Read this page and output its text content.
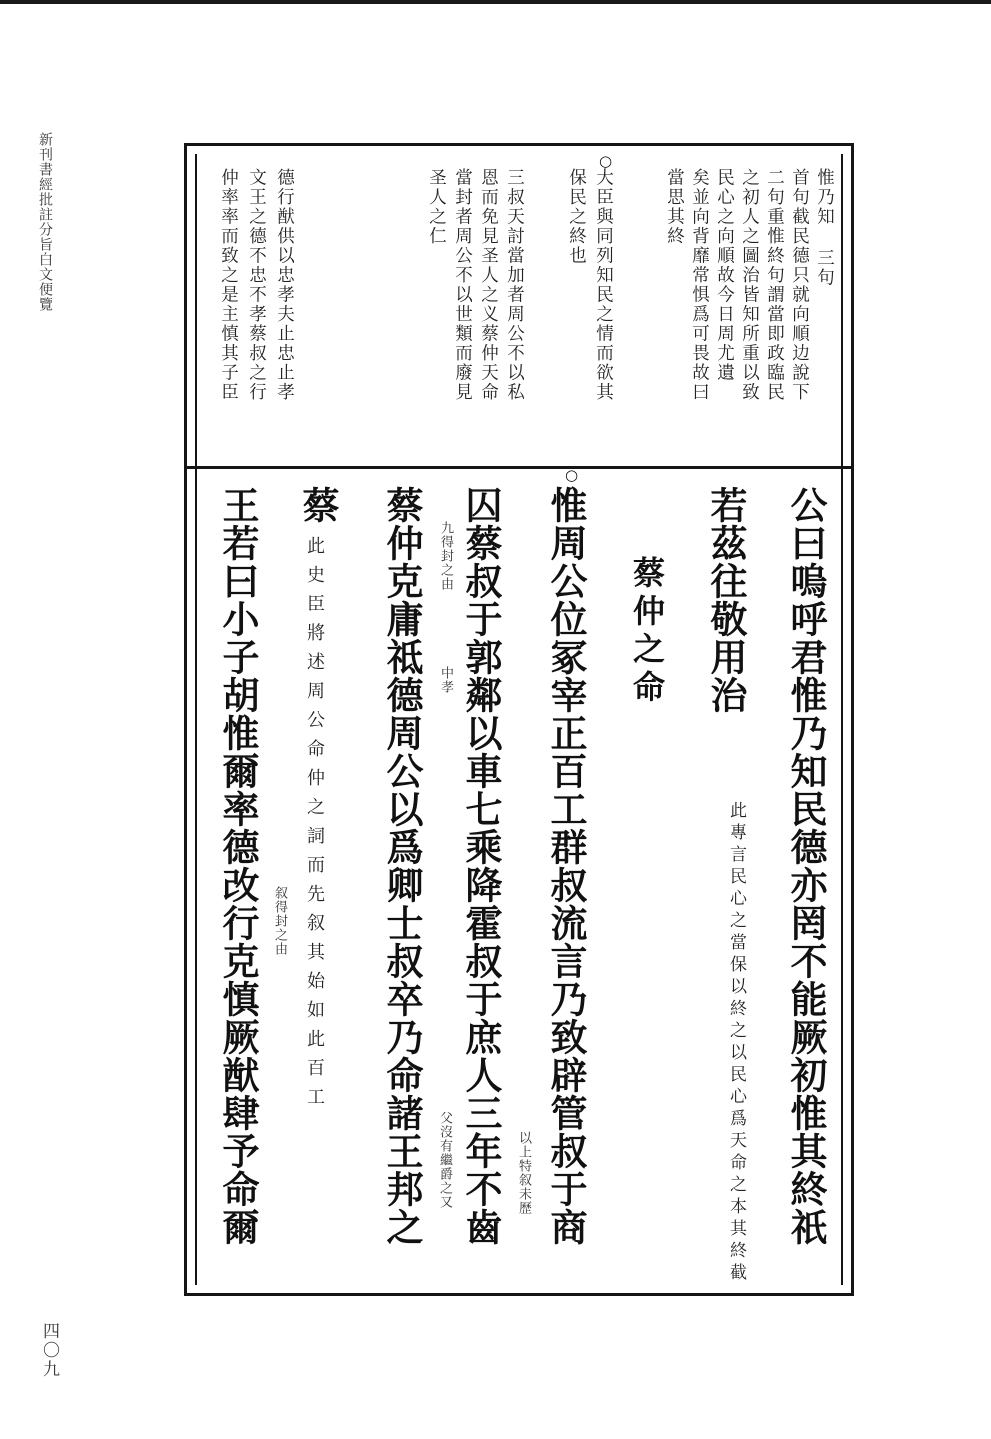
新刊書經批註分旨白文便覽
四〇九
惟乃知 三句
首句截民德只就向順边說下
二句重惟終句謂當即政臨民
之初人之圖治皆知所重以致
民心之向順故今日周尤遺
矣並向背靡常惧爲可畏故曰
當思其終
○
大臣與同列知民之情而欲其
保民之終也
三叔天討當加者周公不以私
恩而免見圣人之义蔡仲天命
當封者周公不以世類而廢見
圣人之仁
德行猷供以忠孝夫止忠止孝
文王之德不忠不孝蔡叔之行
仲率率而致之是主慎其子臣
公曰嗚呼君惟乃知民德亦罔不能厥初惟其終祇
若茲往敬用治
此專言民心之當保以終之以民心爲天命之本其終截
蔡仲之命
○
惟周公位冢宰正百工群叔流言乃致辟管叔于商
以上特叙未歷
囚蔡叔于郭鄰以車七乘降霍叔于庶人三年不齒
父沒有繼爵之又
蔡仲克庸祗德周公以爲卿士叔卒乃命諸王邦之 九得封之由
中孝
蔡
此史臣將述周公命仲之詞而先叙其始如此百工
叙得封之由
王若曰小子胡惟爾率德改行克慎厥猷肆予命爾
